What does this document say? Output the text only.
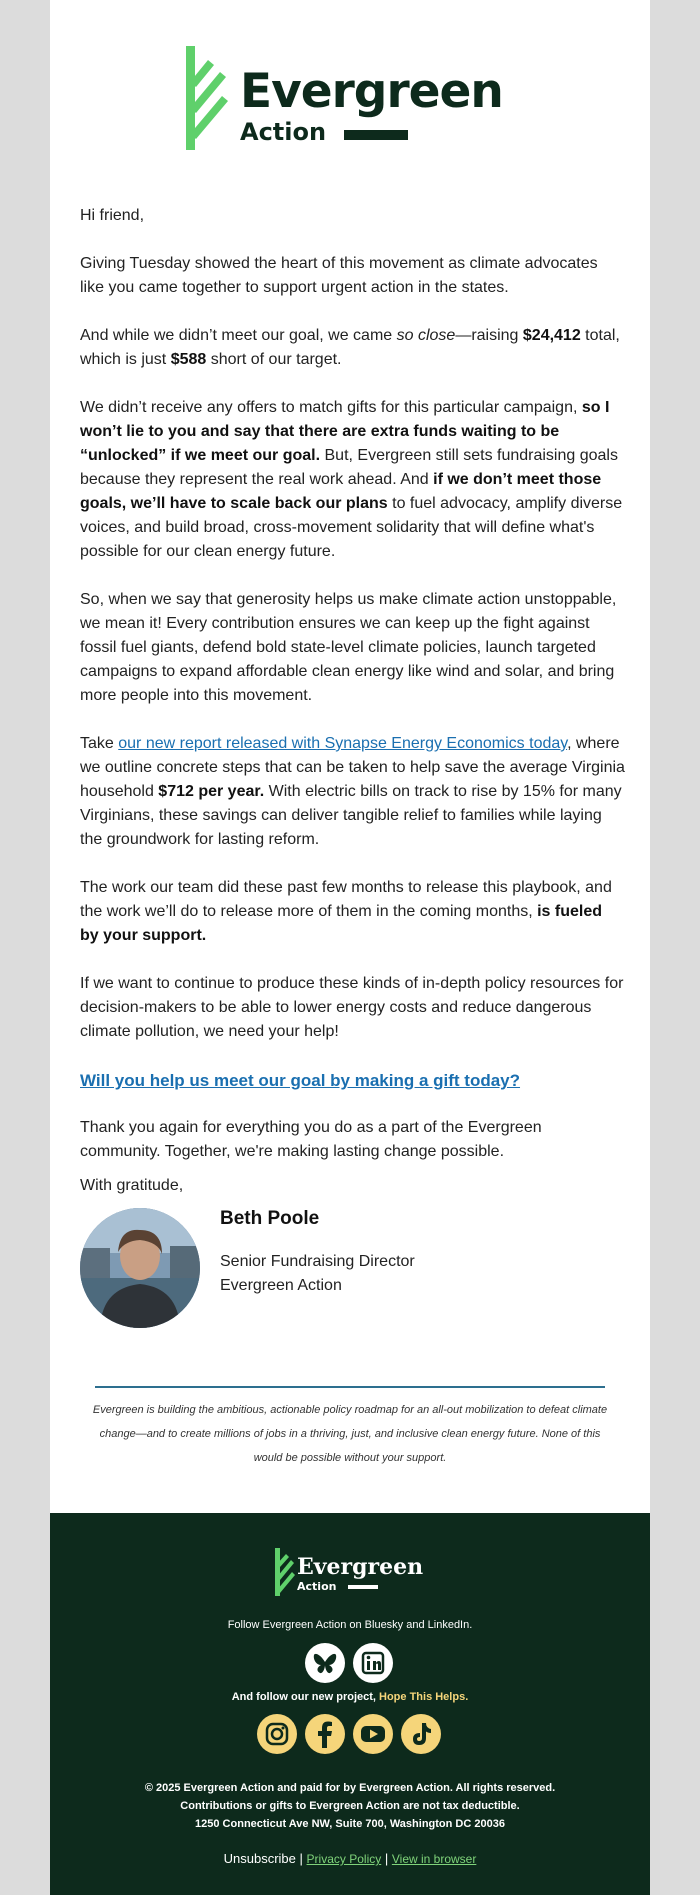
Evergreen
Action

Hi friend,

Giving Tuesday showed the heart of this movement as climate advocates like you came together to support urgent action in the states.

And while we didn’t meet our goal, we came so close—raising $24,412 total, which is just $588 short of our target.

We didn’t receive any offers to match gifts for this particular campaign, so I won’t lie to you and say that there are extra funds waiting to be “unlocked” if we meet our goal. But, Evergreen still sets fundraising goals because they represent the real work ahead. And if we don’t meet those goals, we’ll have to scale back our plans to fuel advocacy, amplify diverse voices, and build broad, cross-movement solidarity that will define what's possible for our clean energy future.

So, when we say that generosity helps us make climate action unstoppable, we mean it! Every contribution ensures we can keep up the fight against fossil fuel giants, defend bold state-level climate policies, launch targeted campaigns to expand affordable clean energy like wind and solar, and bring more people into this movement.

Take our new report released with Synapse Energy Economics today, where we outline concrete steps that can be taken to help save the average Virginia household $712 per year. With electric bills on track to rise by 15% for many Virginians, these savings can deliver tangible relief to families while laying the groundwork for lasting reform.

The work our team did these past few months to release this playbook, and the work we’ll do to release more of them in the coming months, is fueled by your support.

If we want to continue to produce these kinds of in-depth policy resources for decision-makers to be able to lower energy costs and reduce dangerous climate pollution, we need your help!

Will you help us meet our goal by making a gift today?

Thank you again for everything you do as a part of the Evergreen community. Together, we're making lasting change possible.

With gratitude,

Beth Poole
Senior Fundraising Director
Evergreen Action
Evergreen is building the ambitious, actionable policy roadmap for an all-out mobilization to defeat climate change—and to create millions of jobs in a thriving, just, and inclusive clean energy future. None of this would be possible without your support.
Evergreen
Action
Follow Evergreen Action on Bluesky and LinkedIn.
And follow our new project, Hope This Helps.
© 2025 Evergreen Action and paid for by Evergreen Action. All rights reserved.
Contributions or gifts to Evergreen Action are not tax deductible.
1250 Connecticut Ave NW, Suite 700, Washington DC 20036
Unsubscribe | Privacy Policy | View in browser
